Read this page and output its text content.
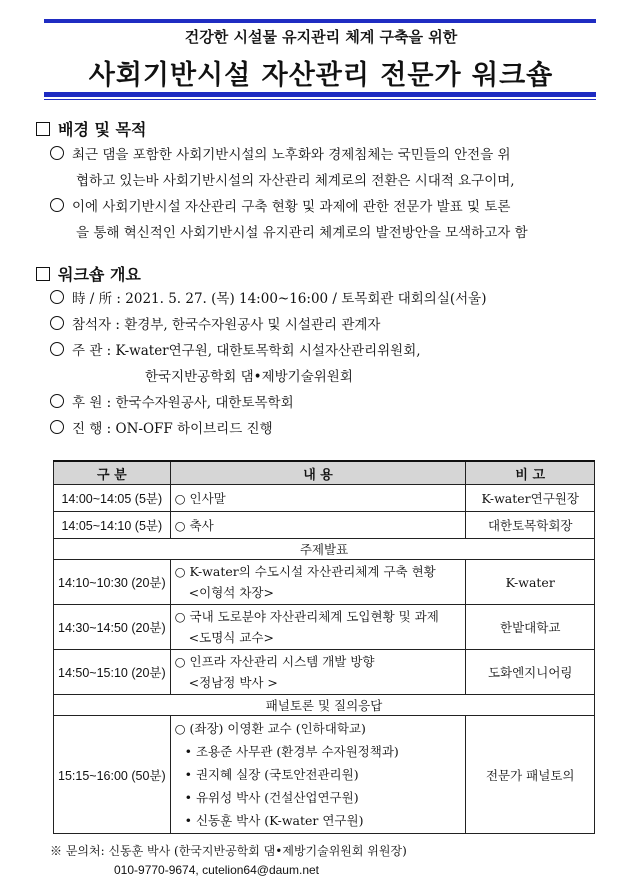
건강한 시설물 유지관리 체계 구축을 위한
사회기반시설 자산관리 전문가 워크숍
배경 및 목적
최근 댐을 포함한 사회기반시설의 노후화와 경제침체는 국민들의 안전을 위
협하고 있는바 사회기반시설의 자산관리 체계로의 전환은 시대적 요구이며,
이에 사회기반시설 자산관리 구축 현황 및 과제에 관한 전문가 발표 및 토론
을 통해 혁신적인 사회기반시설 유지관리 체계로의 발전방안을 모색하고자 함
워크숍 개요
時 / 所 : 2021. 5. 27. (목) 14:00~16:00 / 토목회관 대회의실(서울)
참석자 : 환경부, 한국수자원공사 및 시설관리 관계자
주 관 : K-water연구원, 대한토목학회 시설자산관리위원회,
한국지반공학회 댐•제방기술위원회
후 원 : 한국수자원공사, 대한토목학회
진 행 : ON-OFF 하이브리드 진행
구 분	내 용	비 고
14:00~14:05 (5분)	○ 인사말	K-water연구원장
14:05~14:10 (5분)	○ 축사	대한토목학회장
주제발표		
14:10~10:30 (20분)	○ K-water의 수도시설 자산관리체계 구축 현황
<이형석 차장>	K-water
14:30~14:50 (20분)	○ 국내 도로분야 자산관리체계 도입현황 및 과제
<도명식 교수>	한밭대학교
14:50~15:10 (20분)	○ 인프라 자산관리 시스템 개발 방향
<정남정 박사 >	도화엔지니어링
패널토론 및 질의응답		
15:15~16:00 (50분)	○ (좌장) 이영환 교수 (인하대학교)
• 조용준 사무관 (환경부 수자원정책과)
• 권지혜 실장 (국토안전관리원)
• 유위성 박사 (건설산업연구원)
• 신동훈 박사 (K-water 연구원)	전문가 패널토의
※ 문의처: 신동훈 박사 (한국지반공학회 댐•제방기술위원회 위원장)
010-9770-9674, cutelion64@daum.net
